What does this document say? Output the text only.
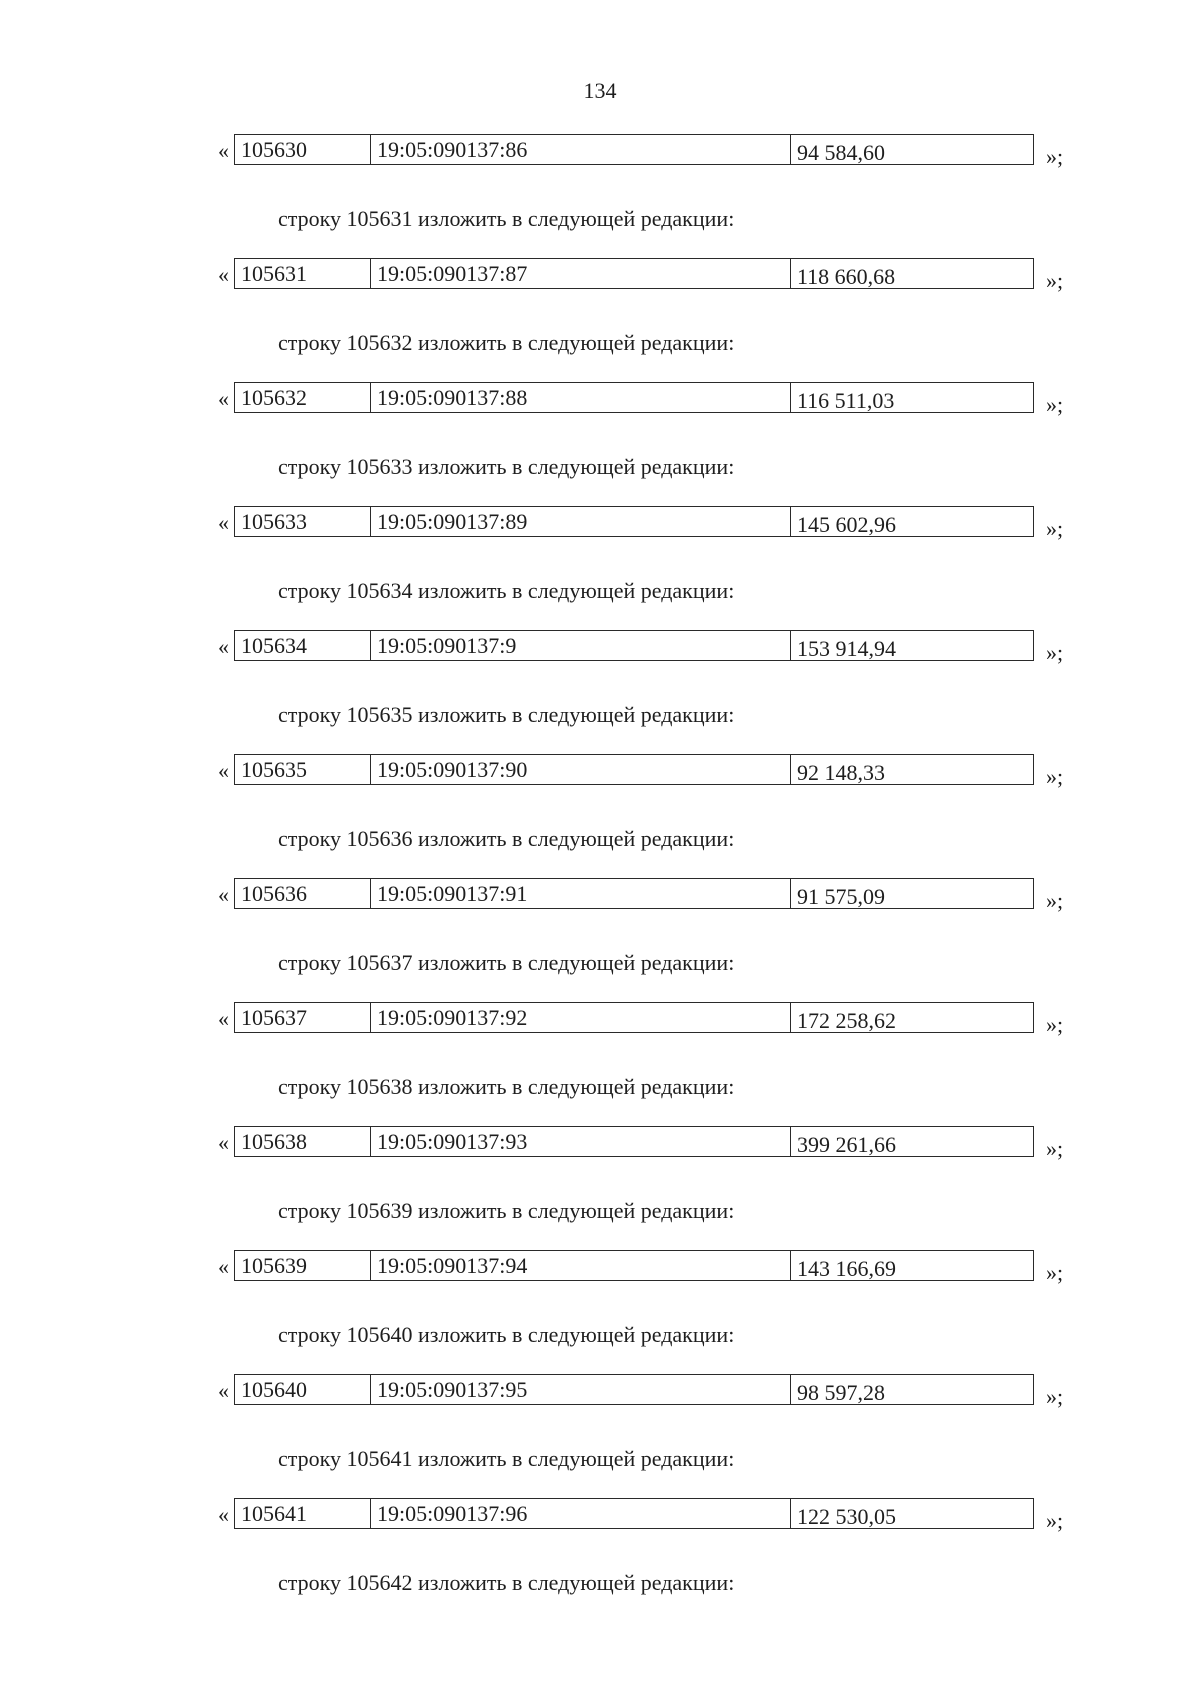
134
« 105630	19:05:090137:86	94 584,60	»;
строку 105631 изложить в следующей редакции:
« 105631	19:05:090137:87	118 660,68	»;
строку 105632 изложить в следующей редакции:
« 105632	19:05:090137:88	116 511,03	»;
строку 105633 изложить в следующей редакции:
« 105633	19:05:090137:89	145 602,96	»;
строку 105634 изложить в следующей редакции:
« 105634	19:05:090137:9	153 914,94	»;
строку 105635 изложить в следующей редакции:
« 105635	19:05:090137:90	92 148,33	»;
строку 105636 изложить в следующей редакции:
« 105636	19:05:090137:91	91 575,09	»;
строку 105637 изложить в следующей редакции:
« 105637	19:05:090137:92	172 258,62	»;
строку 105638 изложить в следующей редакции:
« 105638	19:05:090137:93	399 261,66	»;
строку 105639 изложить в следующей редакции:
« 105639	19:05:090137:94	143 166,69	»;
строку 105640 изложить в следующей редакции:
« 105640	19:05:090137:95	98 597,28	»;
строку 105641 изложить в следующей редакции:
« 105641	19:05:090137:96	122 530,05	»;
строку 105642 изложить в следующей редакции:
